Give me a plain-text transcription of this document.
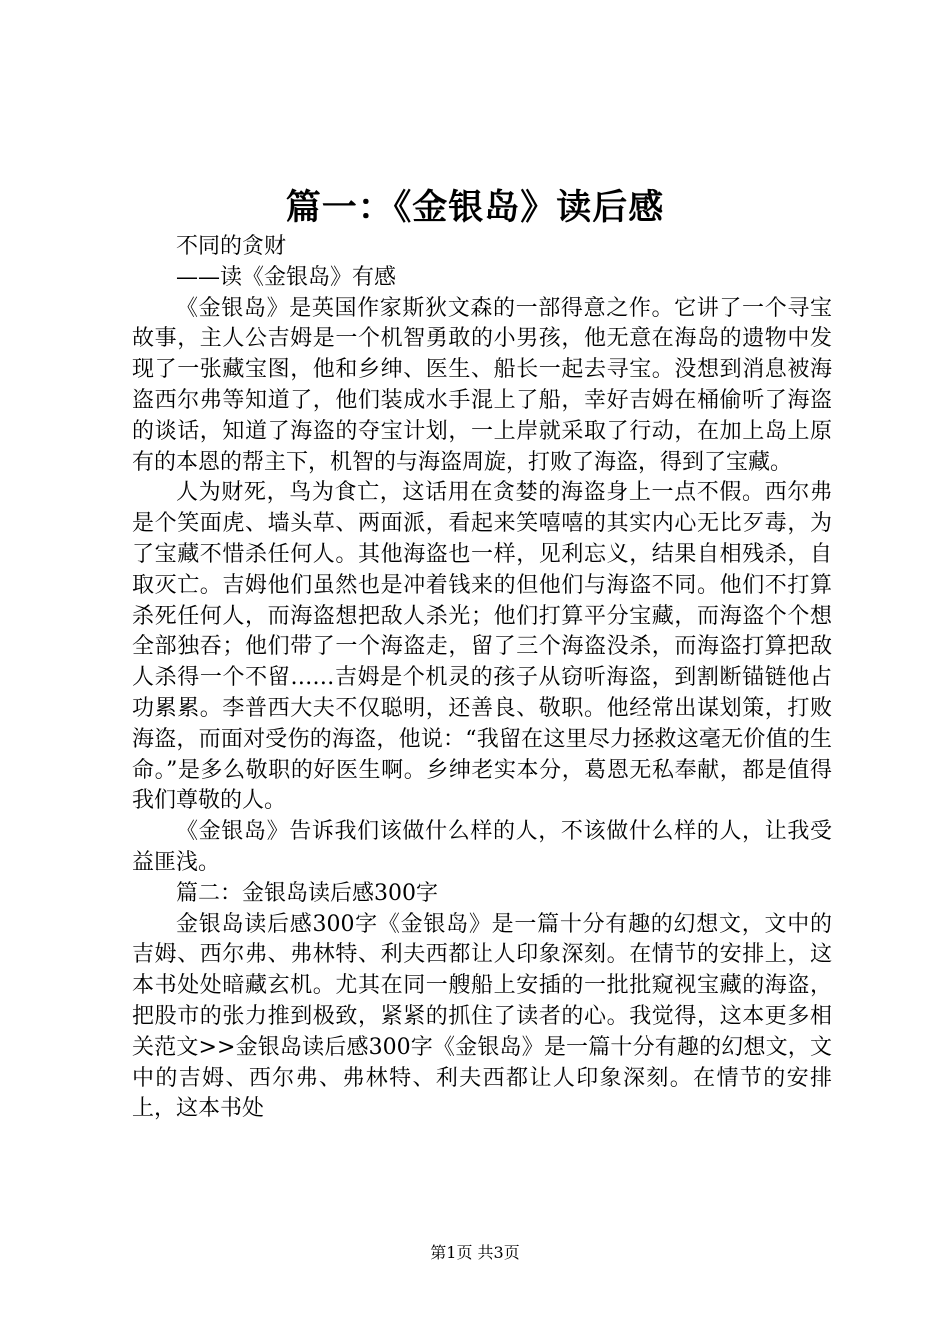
篇一：《金银岛》读后感

不同的贪财

——读《金银岛》有感

《金银岛》是英国作家斯狄文森的一部得意之作。它讲了一个寻宝故事，主人公吉姆是一个机智勇敢的小男孩，他无意在海岛的遗物中发现了一张藏宝图，他和乡绅、医生、船长一起去寻宝。没想到消息被海盗西尔弗等知道了，他们装成水手混上了船，幸好吉姆在桶偷听了海盗的谈话，知道了海盗的夺宝计划，一上岸就采取了行动，在加上岛上原有的本恩的帮主下，机智的与海盗周旋，打败了海盗，得到了宝藏。

人为财死，鸟为食亡，这话用在贪婪的海盗身上一点不假。西尔弗是个笑面虎、墙头草、两面派，看起来笑嘻嘻的其实内心无比歹毒，为了宝藏不惜杀任何人。其他海盗也一样，见利忘义，结果自相残杀，自取灭亡。吉姆他们虽然也是冲着钱来的但他们与海盗不同。他们不打算杀死任何人，而海盗想把敌人杀光；他们打算平分宝藏，而海盗个个想全部独吞；他们带了一个海盗走，留了三个海盗没杀，而海盗打算把敌人杀得一个不留……吉姆是个机灵的孩子从窃听海盗，到割断锚链他占功累累。李普西大夫不仅聪明，还善良、敬职。他经常出谋划策，打败海盗，而面对受伤的海盗，他说：“我留在这里尽力拯救这毫无价值的生命。”是多么敬职的好医生啊。乡绅老实本分，葛恩无私奉献，都是值得我们尊敬的人。

《金银岛》告诉我们该做什么样的人，不该做什么样的人，让我受益匪浅。

篇二：金银岛读后感300字

金银岛读后感300字《金银岛》是一篇十分有趣的幻想文，文中的吉姆、西尔弗、弗林特、利夫西都让人印象深刻。在情节的安排上，这本书处处暗藏玄机。尤其在同一艘船上安插的一批批窥视宝藏的海盗，把股市的张力推到极致，紧紧的抓住了读者的心。我觉得，这本更多相关范文>>金银岛读后感300字《金银岛》是一篇十分有趣的幻想文，文中的吉姆、西尔弗、弗林特、利夫西都让人印象深刻。在情节的安排上，这本书处

第1页 共3页
